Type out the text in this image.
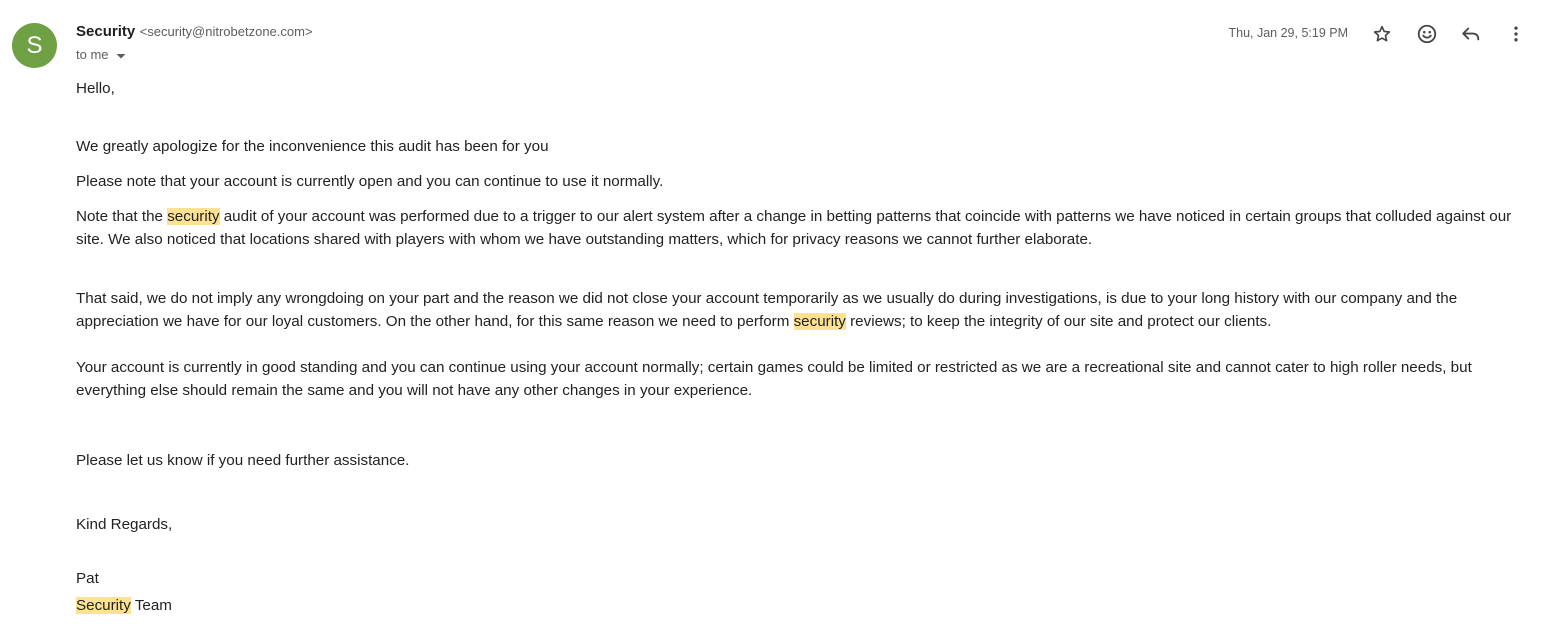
S
Security <security@nitrobetzone.com>
to me
Thu, Jan 29, 5:19 PM

Hello,

We greatly apologize for the inconvenience this audit has been for you

Please note that your account is currently open and you can continue to use it normally.

Note that the security audit of your account was performed due to a trigger to our alert system after a change in betting patterns that coincide with patterns we have noticed in certain groups that colluded against our site. We also noticed that locations shared with players with whom we have outstanding matters, which for privacy reasons we cannot further elaborate.

That said, we do not imply any wrongdoing on your part and the reason we did not close your account temporarily as we usually do during investigations, is due to your long history with our company and the appreciation we have for our loyal customers. On the other hand, for this same reason we need to perform security reviews; to keep the integrity of our site and protect our clients.

Your account is currently in good standing and you can continue using your account normally; certain games could be limited or restricted as we are a recreational site and cannot cater to high roller needs, but everything else should remain the same and you will not have any other changes in your experience.

Please let us know if you need further assistance.

Kind Regards,

Pat

Security Team
